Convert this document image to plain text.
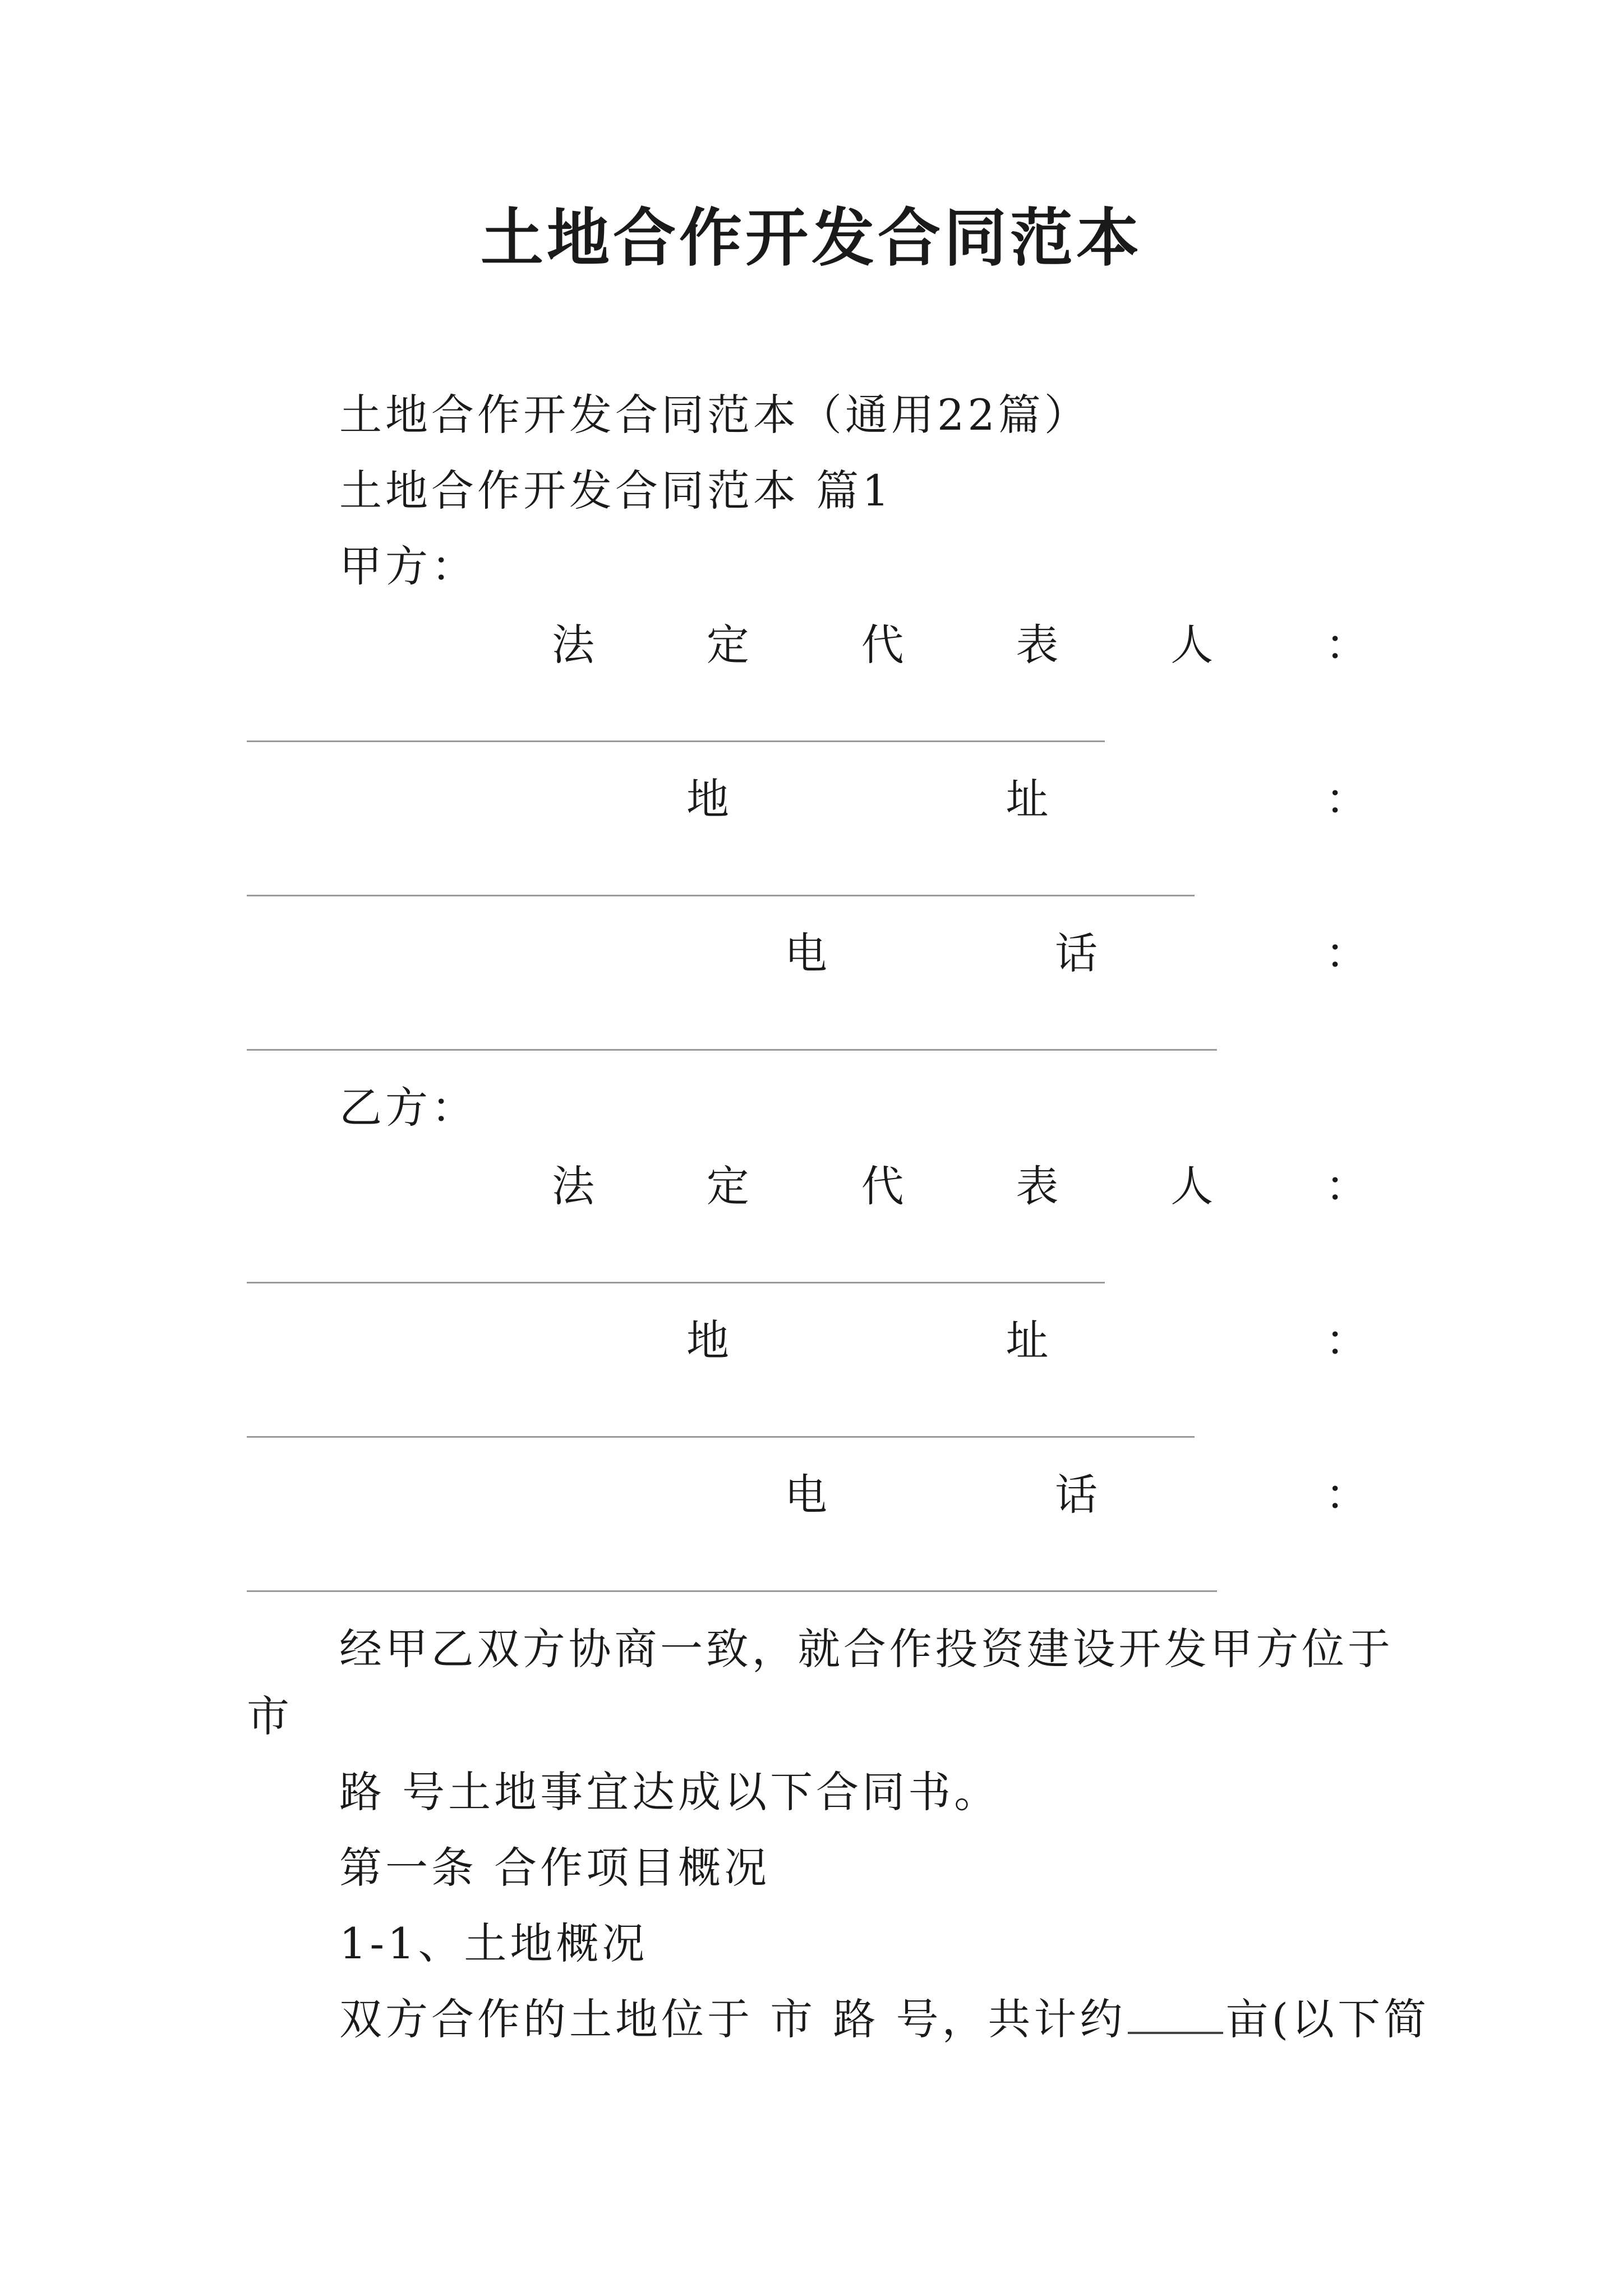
土地合作开发合同范本
土地合作开发合同范本（通用22篇）
土地合作开发合同范本 篇1
甲方：
法	定	代	表	人	：
地	址	：
电	话	：
乙方：
法	定	代	表	人	：
地	址	：
电	话	：
经 甲 乙 双 方 协 商 一 致 ， 就 合 作 投 资 建 设 开 发 甲 方 位 于
市
路 号土地事宜达成以下合同书。
第一条 合作项目概况
1-1、土地概况
双方合作的土地位于 市 路 号，共计约 亩(以下简
